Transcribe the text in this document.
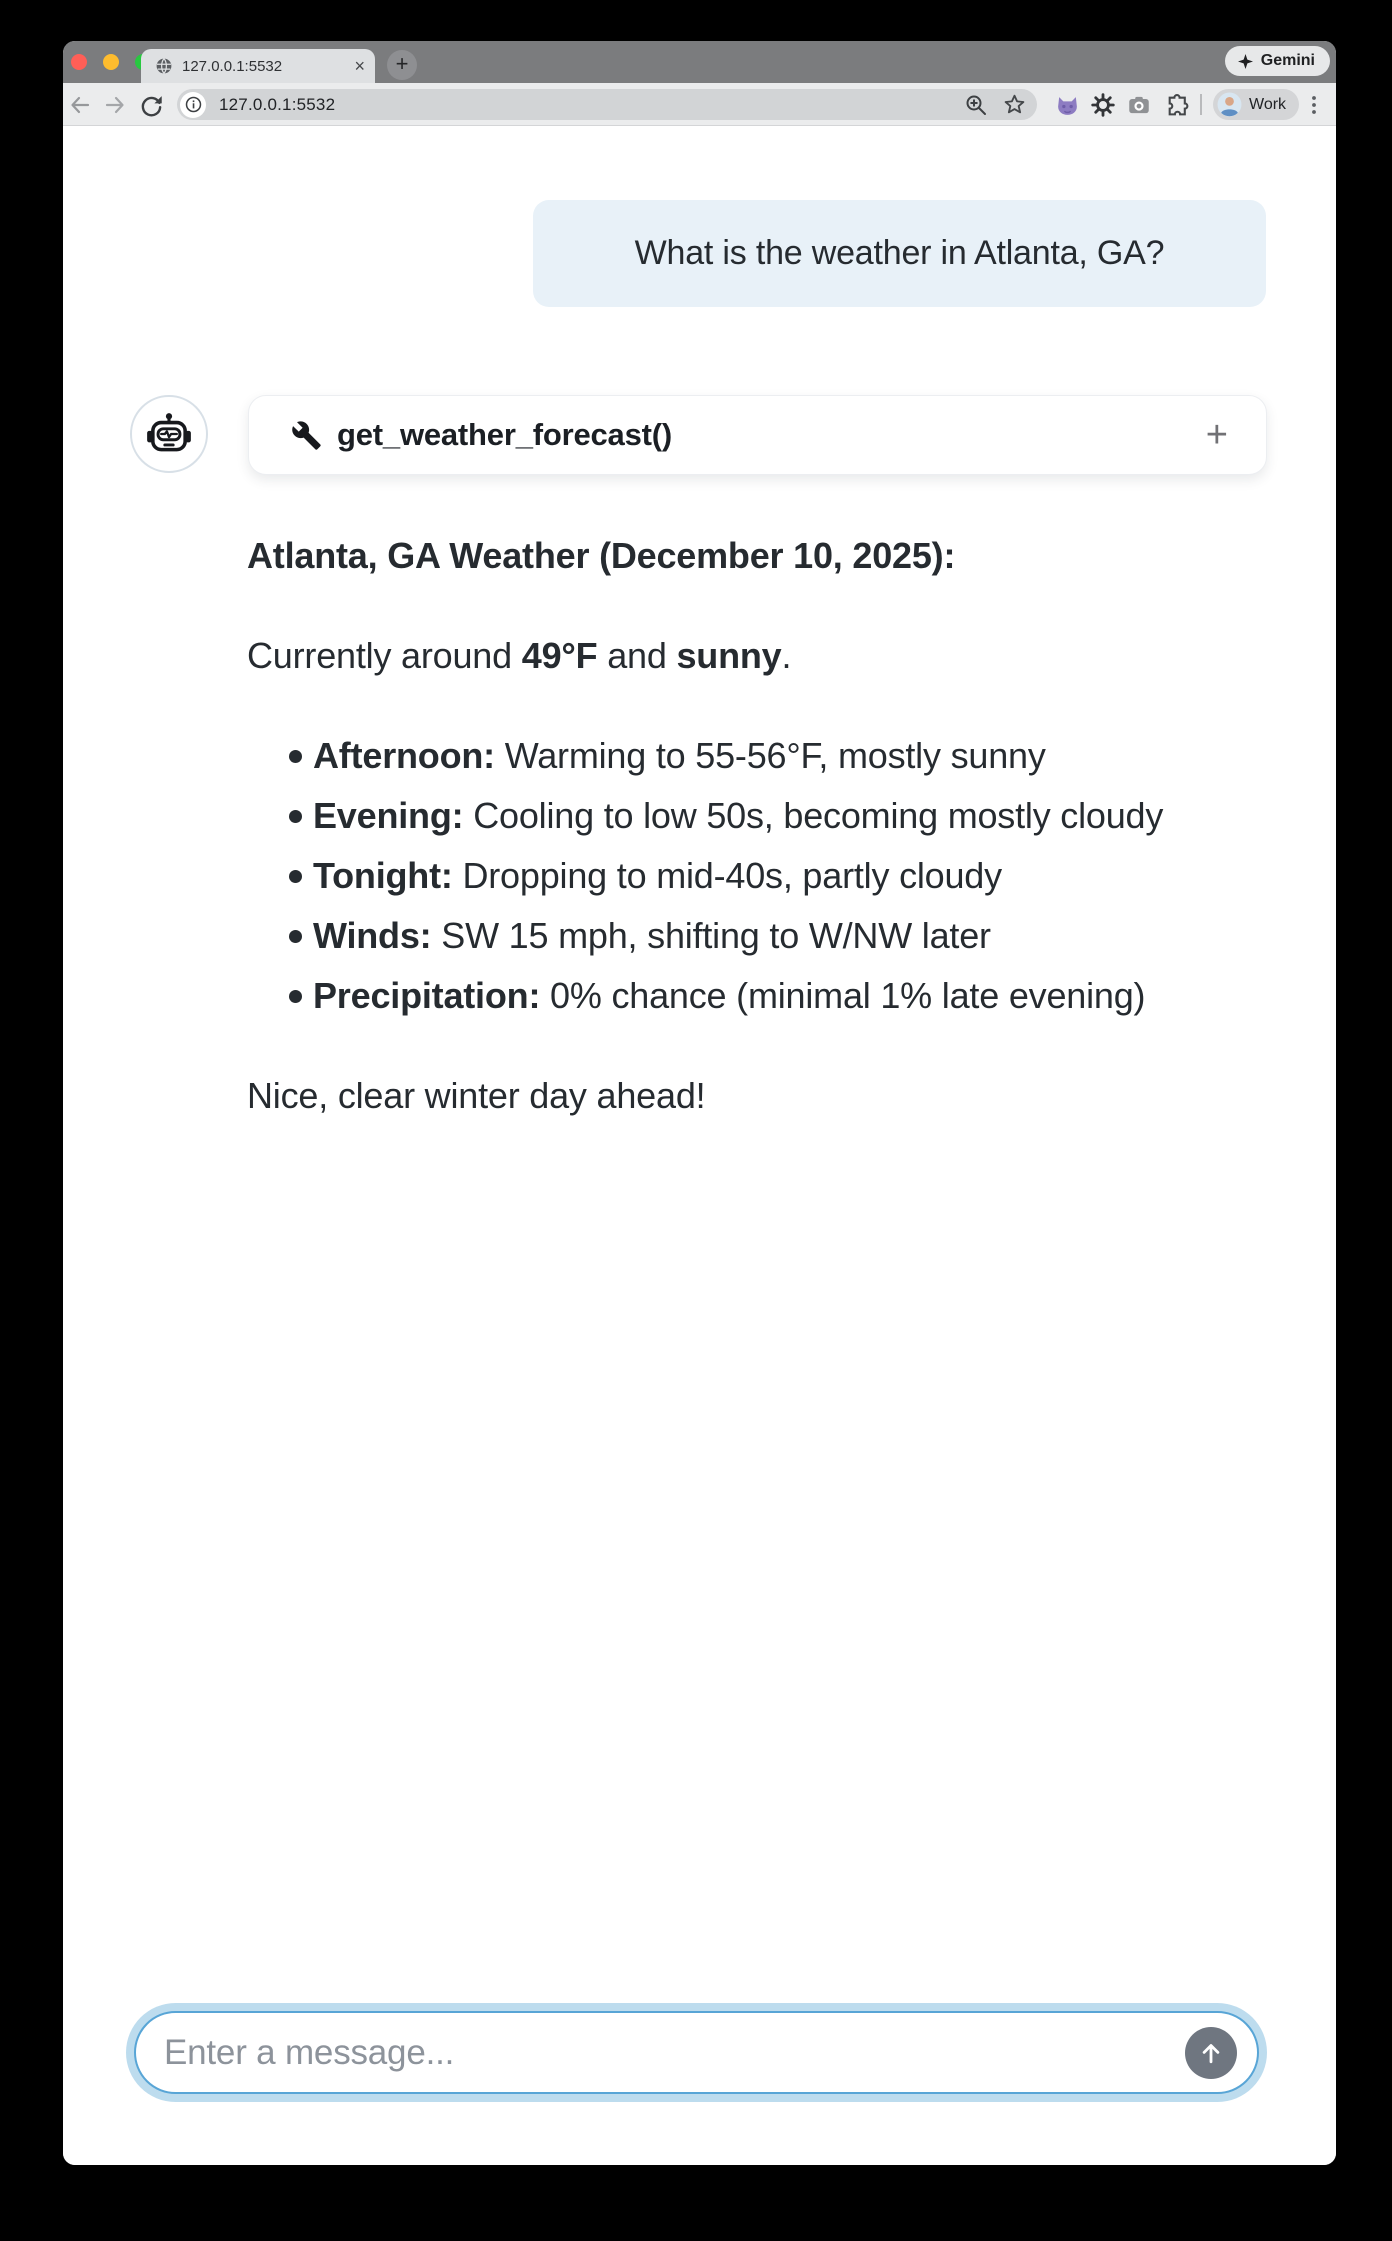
127.0.0.1:5532	×	+	Gemini
127.0.0.1:5532	Work
What is the weather in Atlanta, GA?
get_weather_forecast()	+
Atlanta, GA Weather (December 10, 2025):

Currently around 49°F and sunny.

Afternoon: Warming to 55-56°F, mostly sunny
Evening: Cooling to low 50s, becoming mostly cloudy
Tonight: Dropping to mid-40s, partly cloudy
Winds: SW 15 mph, shifting to W/NW later
Precipitation: 0% chance (minimal 1% late evening)

Nice, clear winter day ahead!

Enter a message...
